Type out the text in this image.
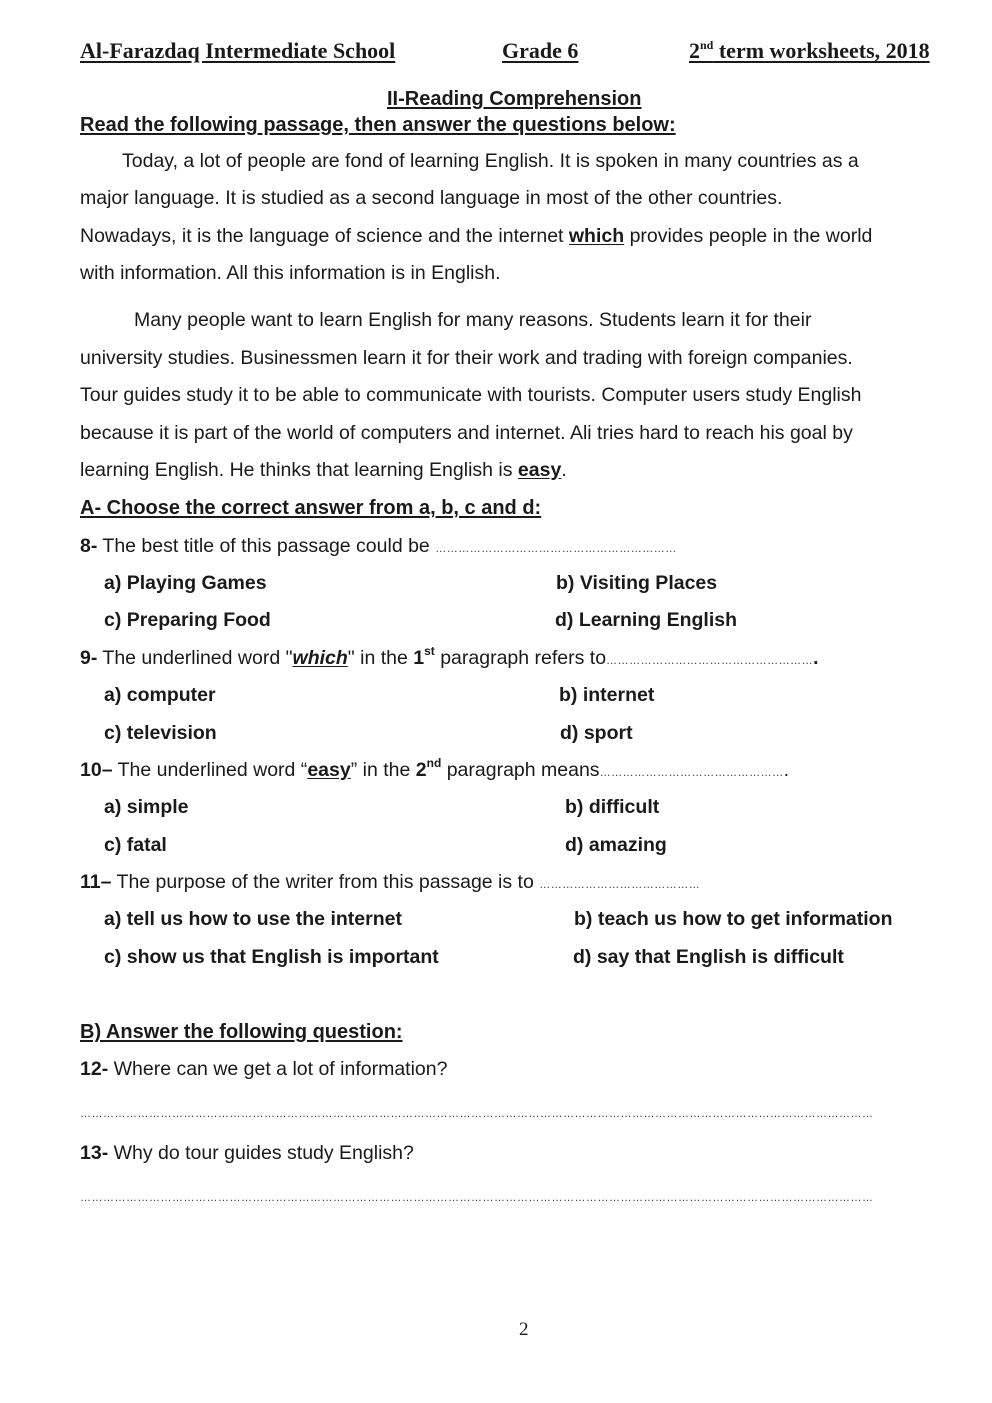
Al-Farazdaq Intermediate School	Grade 6	2nd term worksheets, 2018
II-Reading Comprehension
Read the following passage, then answer the questions below:
Today, a lot of people are fond of learning English. It is spoken in many countries as a
major language. It is studied as a second language in most of the other countries.
Nowadays, it is the language of science and the internet which provides people in the world
with information. All this information is in English.
Many people want to learn English for many reasons. Students learn it for their
university studies. Businessmen learn it for their work and trading with foreign companies.
Tour guides study it to be able to communicate with tourists. Computer users study English
because it is part of the world of computers and internet. Ali tries hard to reach his goal by
learning English. He thinks that learning English is easy.
A- Choose the correct answer from a, b, c and d:
8- The best title of this passage could be ………………………………………………………
a) Playing Games	b) Visiting Places
c) Preparing Food	d) Learning English
9- The underlined word "which" in the 1st paragraph refers to……………………………………………….
a) computer	b) internet
c) television	d) sport
10– The underlined word “easy” in the 2nd paragraph means………………………………………….
a) simple	b) difficult
c) fatal	d) amazing
11– The purpose of the writer from this passage is to ……………………………………
a) tell us how to use the internet	b) teach us how to get information
c) show us that English is important	d) say that English is difficult
B) Answer the following question:
12- Where can we get a lot of information?
………………………………………………………………………………………………………………………………………………………………………………………
13- Why do tour guides study English?
………………………………………………………………………………………………………………………………………………………………………………………
2
